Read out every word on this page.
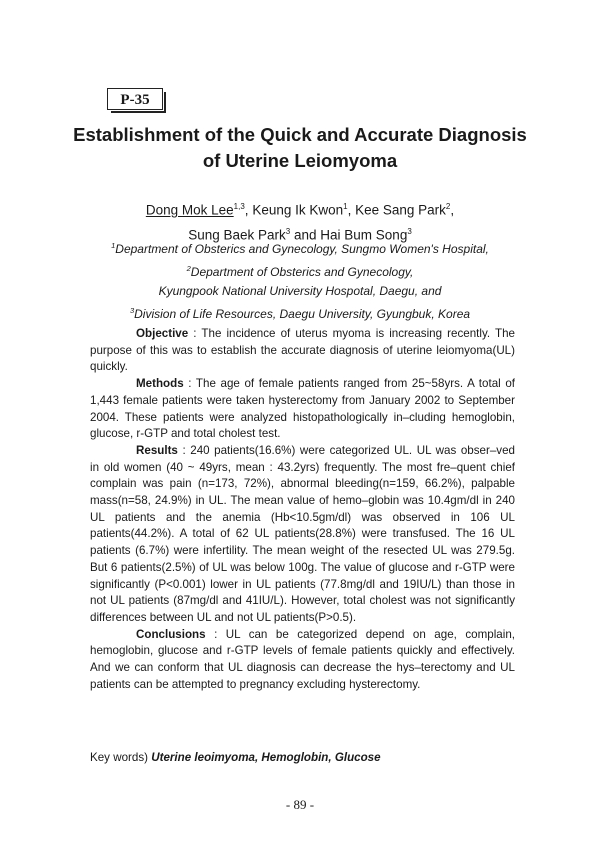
P-35
Establishment of the Quick and Accurate Diagnosis
of Uterine Leiomyoma
Dong Mok Lee$^{1,3}$, Keung Ik Kwon$^1$, Kee Sang Park$^2$,
Sung Baek Park$^3$ and Hai Bum Song$^3$
$^1$Department of Obsterics and Gynecology, Sungmo Women's Hospital,
$^2$Department of Obsterics and Gynecology,
Kyungpook National University Hospotal, Daegu, and
$^3$Division of Life Resources, Daegu University, Gyungbuk, Korea

Objective : The incidence of uterus myoma is increasing recently. The purpose of this was to establish the accurate diagnosis of uterine leiomyoma(UL) quickly.

Methods : The age of female patients ranged from 25~58yrs. A total of 1,443 female patients were taken hysterectomy from January 2002 to September 2004. These patients were analyzed histopathologically in–cluding hemoglobin, glucose, r-GTP and total cholest test.

Results : 240 patients(16.6%) were categorized UL. UL was obser–ved in old women (40 ~ 49yrs, mean : 43.2yrs) frequently. The most fre–quent chief complain was pain (n=173, 72%), abnormal bleeding(n=159, 66.2%), palpable mass(n=58, 24.9%) in UL. The mean value of hemo–globin was 10.4gm/dl in 240 UL patients and the anemia (Hb<10.5gm/dl) was observed in 106 UL patients(44.2%). A total of 62 UL patients(28.8%) were transfused. The 16 UL patients (6.7%) were infertility. The mean weight of the resected UL was 279.5g. But 6 patients(2.5%) of UL was below 100g. The value of glucose and r-GTP were significantly (P<0.001) lower in UL patients (77.8mg/dl and 19IU/L) than those in not UL patients (87mg/dl and 41IU/L). However, total cholest was not significantly differences between UL and not UL patients(P>0.5).

Conclusions : UL can be categorized depend on age, complain, hemoglobin, glucose and r-GTP levels of female patients quickly and effectively. And we can conform that UL diagnosis can decrease the hys–terectomy and UL patients can be attempted to pregnancy excluding hysterectomy.

Key words) Uterine leoimyoma, Hemoglobin, Glucose
- 89 -
